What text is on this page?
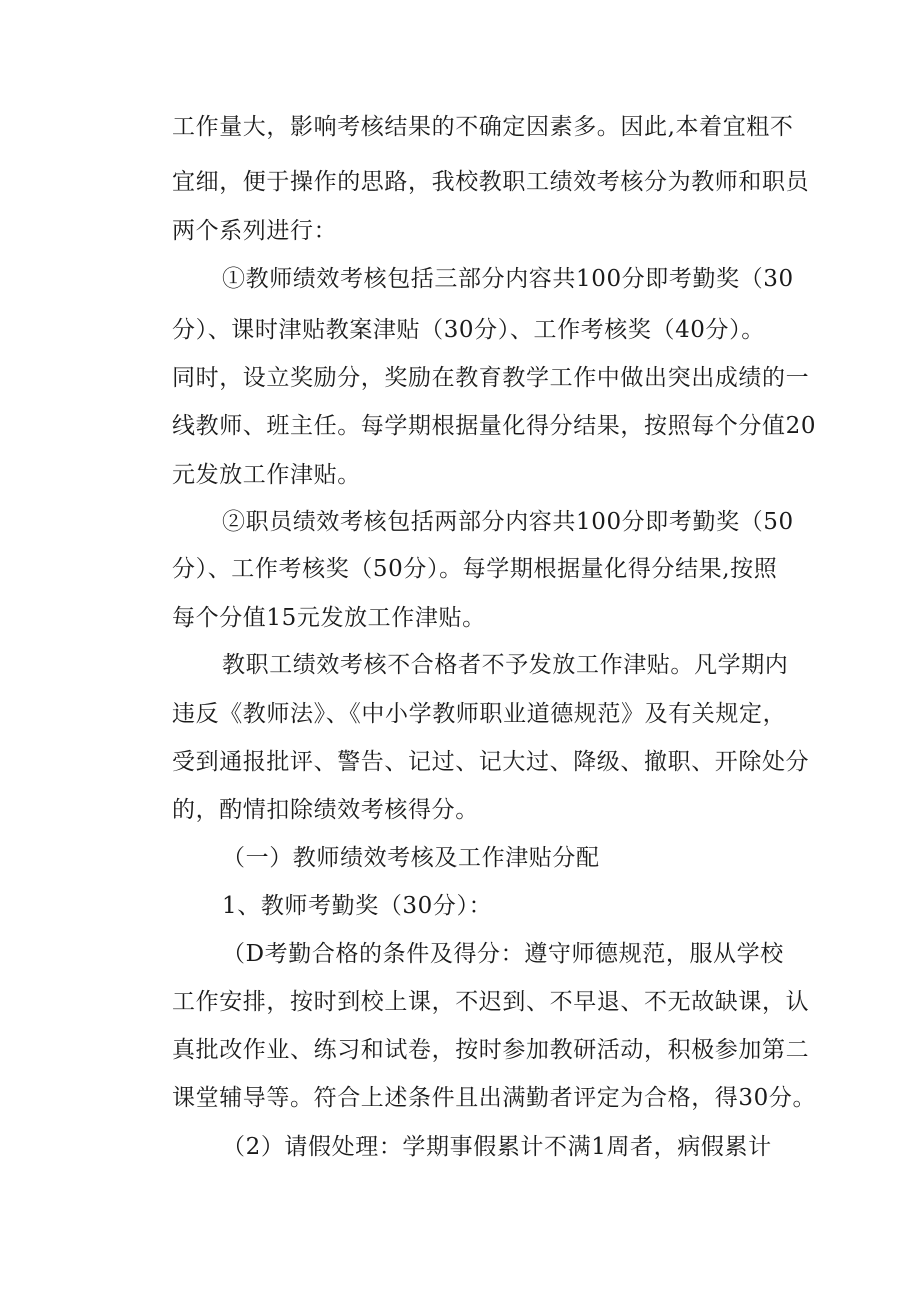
工作量大，影响考核结果的不确定因素多。因此,本着宜粗不
宜细，便于操作的思路，我校教职工绩效考核分为教师和职员
两个系列进行：
①教师绩效考核包括三部分内容共100分即考勤奖（30
分）、课时津贴教案津贴（30分）、工作考核奖（40分）。
同时，设立奖励分，奖励在教育教学工作中做出突出成绩的一
线教师、班主任。每学期根据量化得分结果，按照每个分值20
元发放工作津贴。
②职员绩效考核包括两部分内容共100分即考勤奖（50
分）、工作考核奖（50分）。每学期根据量化得分结果,按照
每个分值15元发放工作津贴。
教职工绩效考核不合格者不予发放工作津贴。凡学期内
违反《教师法》、《中小学教师职业道德规范》及有关规定，
受到通报批评、警告、记过、记大过、降级、撤职、开除处分
的，酌情扣除绩效考核得分。
（一）教师绩效考核及工作津贴分配
1、教师考勤奖（30分）：
（D考勤合格的条件及得分：遵守师德规范，服从学校
工作安排，按时到校上课，不迟到、不早退、不无故缺课，认
真批改作业、练习和试卷，按时参加教研活动，积极参加第二
课堂辅导等。符合上述条件且出满勤者评定为合格，得30分。
（2）请假处理：学期事假累计不满1周者，病假累计
